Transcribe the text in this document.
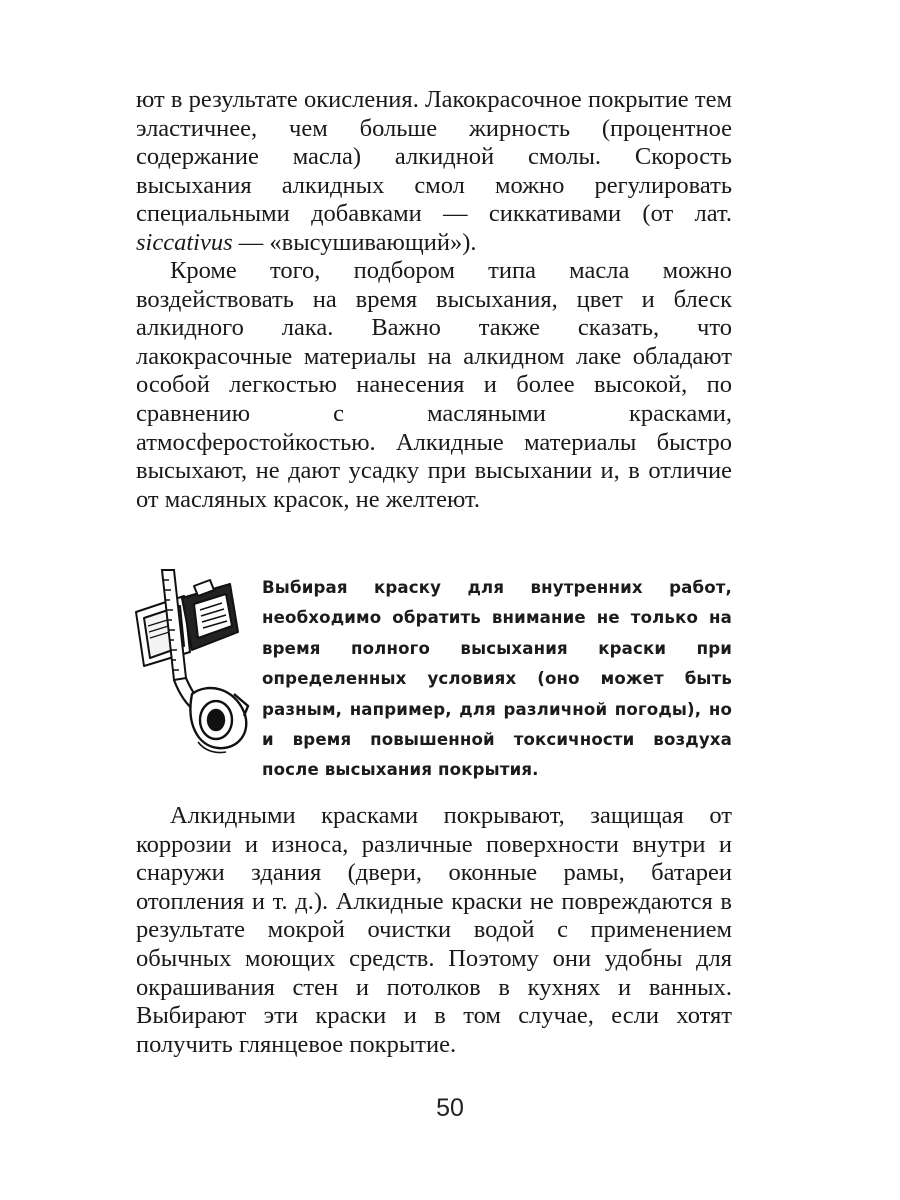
ют в результате окисления. Лакокрасочное покрытие тем эластичнее, чем больше жирность (процентное содержание масла) алкидной смолы. Скорость высыхания алкидных смол можно регулировать специальными добавками — сиккативами (от лат. siccativus — «высушивающий»).

Кроме того, подбором типа масла можно воздействовать на время высыхания, цвет и блеск алкидного лака. Важно также сказать, что лакокрасочные материалы на алкидном лаке обладают особой легкостью нанесения и более высокой, по сравнению с масляными красками, атмосферостойкостью. Алкидные материалы быстро высыхают, не дают усадку при высыхании и, в отличие от масляных красок, не желтеют.

Выбирая краску для внутренних работ, необходимо обратить внимание не только на время полного высыхания краски при определенных условиях (оно может быть разным, например, для различной погоды), но и время повышенной токсичности воздуха после высыхания покрытия.

Алкидными красками покрывают, защищая от коррозии и износа, различные поверхности внутри и снаружи здания (двери, оконные рамы, батареи отопления и т. д.). Алкидные краски не повреждаются в результате мокрой очистки водой с применением обычных моющих средств. Поэтому они удобны для окрашивания стен и потолков в кухнях и ванных. Выбирают эти краски и в том случае, если хотят получить глянцевое покрытие.

50
